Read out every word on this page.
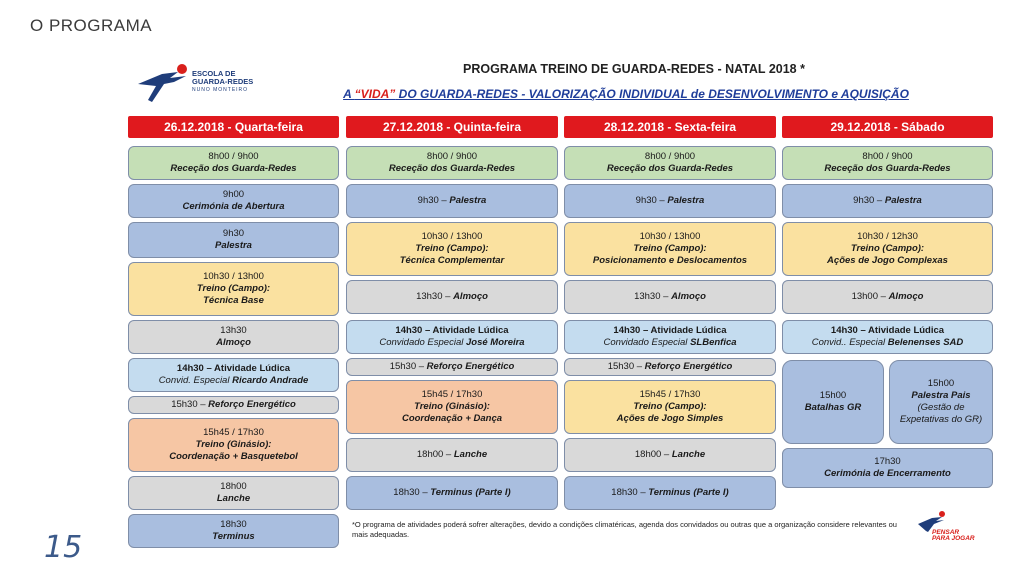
O PROGRAMA
ESCOLA DE
GUARDA-REDES
NUNO MONTEIRO
PROGRAMA TREINO DE GUARDA-REDES - NATAL 2018 *
A “VIDA” DO GUARDA-REDES - VALORIZAÇÃO INDIVIDUAL de DESENVOLVIMENTO e AQUISIÇÃO
26.12.2018 - Quarta-feira	27.12.2018 - Quinta-feira	28.12.2018 - Sexta-feira	29.12.2018 - Sábado
8h00 / 9h00
Receção dos Guarda-Redes
9h00
Cerimónia de Abertura
9h30
Palestra
10h30 / 13h00
Treino (Campo):
Técnica Base
13h30
Almoço
14h30 – Atividade Lúdica
Convid. Especial Ricardo Andrade
15h30 – Reforço Energético
15h45 / 17h30
Treino (Ginásio):
Coordenação + Basquetebol
18h00
Lanche
18h30
Terminus
8h00 / 9h00
Receção dos Guarda-Redes
9h30 – Palestra
10h30 / 13h00
Treino (Campo):
Técnica Complementar
13h30 – Almoço
14h30 – Atividade Lúdica
Convidado Especial José Moreira
15h30 – Reforço Energético
15h45 / 17h30
Treino (Ginásio):
Coordenação + Dança
18h00 – Lanche
18h30 – Terminus (Parte I)
8h00 / 9h00
Receção dos Guarda-Redes
9h30 – Palestra
10h30 / 13h00
Treino (Campo):
Posicionamento e Deslocamentos
13h30 – Almoço
14h30 – Atividade Lúdica
Convidado Especial SLBenfica
15h30 – Reforço Energético
15h45 / 17h30
Treino (Campo):
Ações de Jogo Simples
18h00 – Lanche
18h30 – Terminus (Parte I)
8h00 / 9h00
Receção dos Guarda-Redes
9h30 – Palestra
10h30 / 12h30
Treino (Campo):
Ações de Jogo Complexas
13h00 – Almoço
14h30 – Atividade Lúdica
Convid.. Especial Belenenses SAD
15h00
Batalhas GR
15h00
Palestra Pais
(Gestão de Expetativas do GR)
17h30
Cerimónia de Encerramento
*O programa de atividades poderá sofrer alterações, devido a condições climatéricas, agenda dos convidados ou outras que a organização considere relevantes ou mais adequadas.	PENSAR
PARA JOGAR
15
